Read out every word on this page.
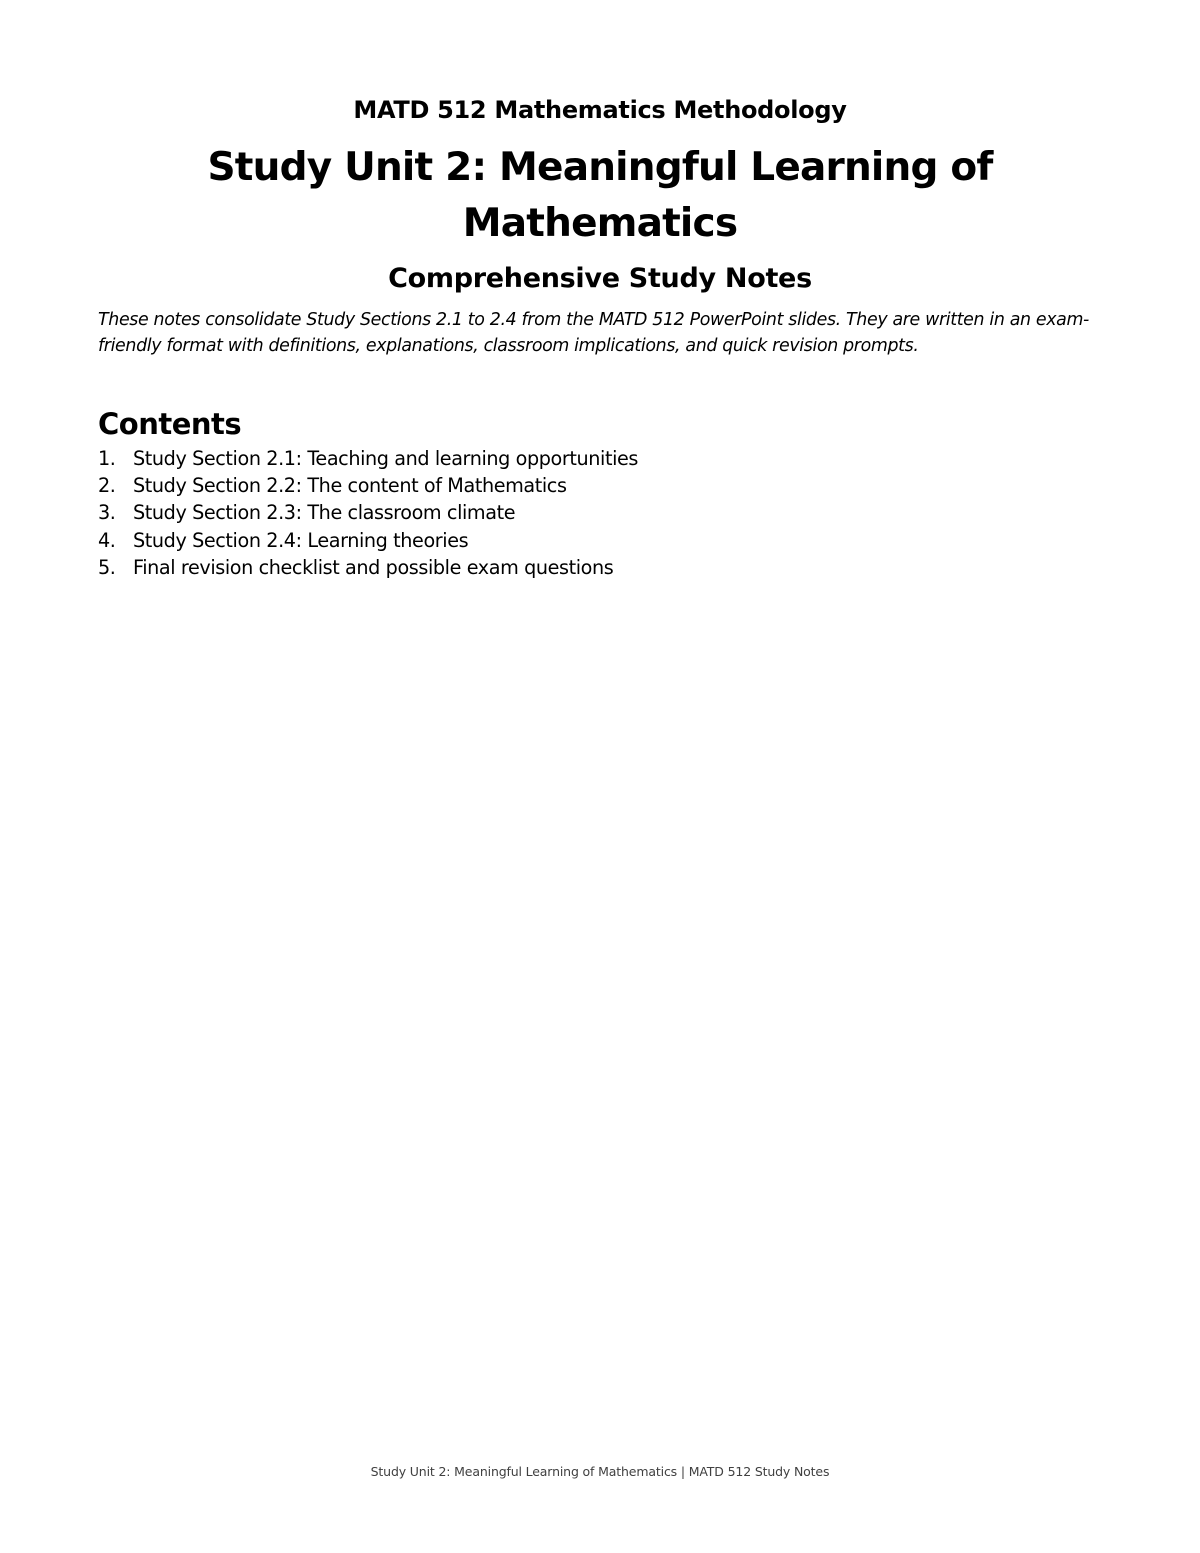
MATD 512 Mathematics Methodology
Study Unit 2: Meaningful Learning of Mathematics
Comprehensive Study Notes
These notes consolidate Study Sections 2.1 to 2.4 from the MATD 512 PowerPoint slides. They are written in an exam-friendly format with definitions, explanations, classroom implications, and quick revision prompts.
Contents
1. Study Section 2.1: Teaching and learning opportunities
2. Study Section 2.2: The content of Mathematics
3. Study Section 2.3: The classroom climate
4. Study Section 2.4: Learning theories
5. Final revision checklist and possible exam questions
Study Unit 2: Meaningful Learning of Mathematics | MATD 512 Study Notes
